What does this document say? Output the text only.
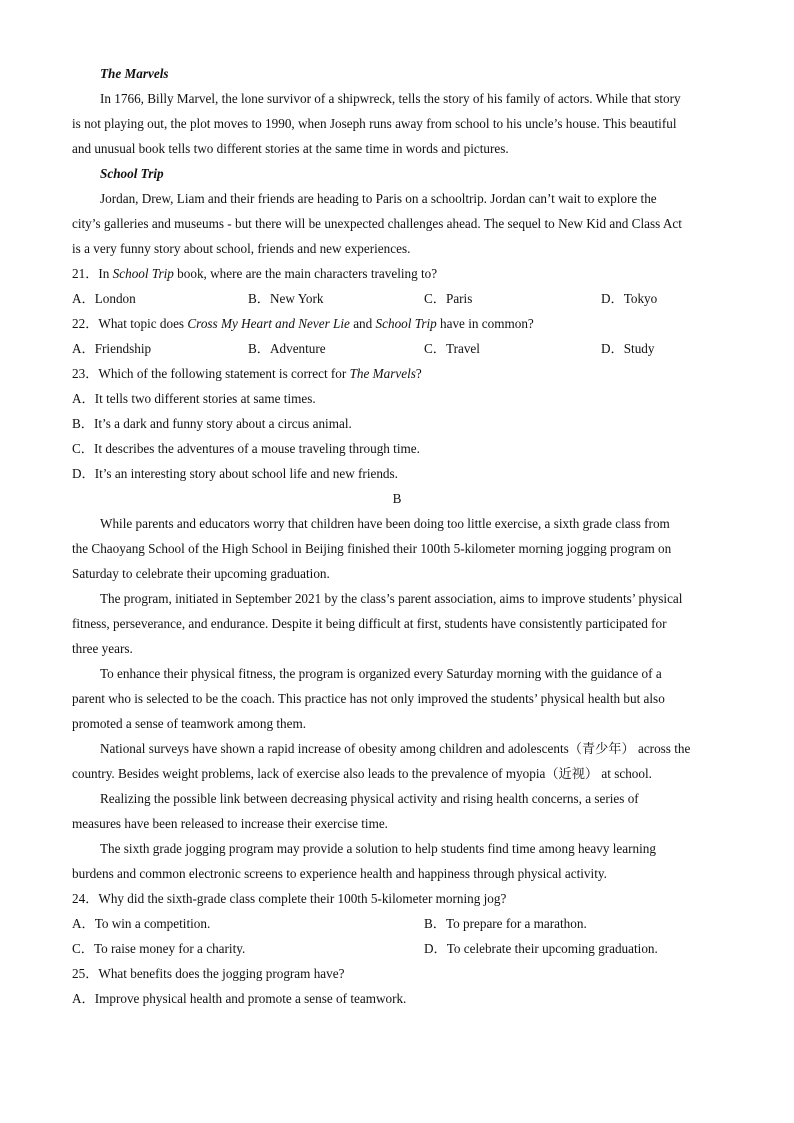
The Marvels
In 1766, Billy Marvel, the lone survivor of a shipwreck, tells the story of his family of actors. While that story
is not playing out, the plot moves to 1990, when Joseph runs away from school to his uncle’s house. This beautiful
and unusual book tells two different stories at the same time in words and pictures.
School Trip
Jordan, Drew, Liam and their friends are heading to Paris on a schooltrip. Jordan can’t wait to explore the
city’s galleries and museums - but there will be unexpected challenges ahead. The sequel to New Kid and Class Act
is a very funny story about school, friends and new experiences.
21．In School Trip book, where are the main characters traveling to?
A．London	B．New York	C．Paris	D．Tokyo
22．What topic does Cross My Heart and Never Lie and School Trip have in common?
A．Friendship	B．Adventure	C．Travel	D．Study
23．Which of the following statement is correct for The Marvels?
A．It tells two different stories at same times.
B．It’s a dark and funny story about a circus animal.
C．It describes the adventures of a mouse traveling through time.
D．It’s an interesting story about school life and new friends.
B
While parents and educators worry that children have been doing too little exercise, a sixth grade class from
the Chaoyang School of the High School in Beijing finished their 100th 5-kilometer morning jogging program on
Saturday to celebrate their upcoming graduation.
The program, initiated in September 2021 by the class’s parent association, aims to improve students’ physical
fitness, perseverance, and endurance. Despite it being difficult at first, students have consistently participated for
three years.
To enhance their physical fitness, the program is organized every Saturday morning with the guidance of a
parent who is selected to be the coach. This practice has not only improved the students’ physical health but also
promoted a sense of teamwork among them.
National surveys have shown a rapid increase of obesity among children and adolescents（青少年） across the
country. Besides weight problems, lack of exercise also leads to the prevalence of myopia（近视） at school.
Realizing the possible link between decreasing physical activity and rising health concerns, a series of
measures have been released to increase their exercise time.
The sixth grade jogging program may provide a solution to help students find time among heavy learning
burdens and common electronic screens to experience health and happiness through physical activity.
24．Why did the sixth-grade class complete their 100th 5-kilometer morning jog?
A．To win a competition.	B．To prepare for a marathon.
C．To raise money for a charity.	D．To celebrate their upcoming graduation.
25．What benefits does the jogging program have?
A．Improve physical health and promote a sense of teamwork.
